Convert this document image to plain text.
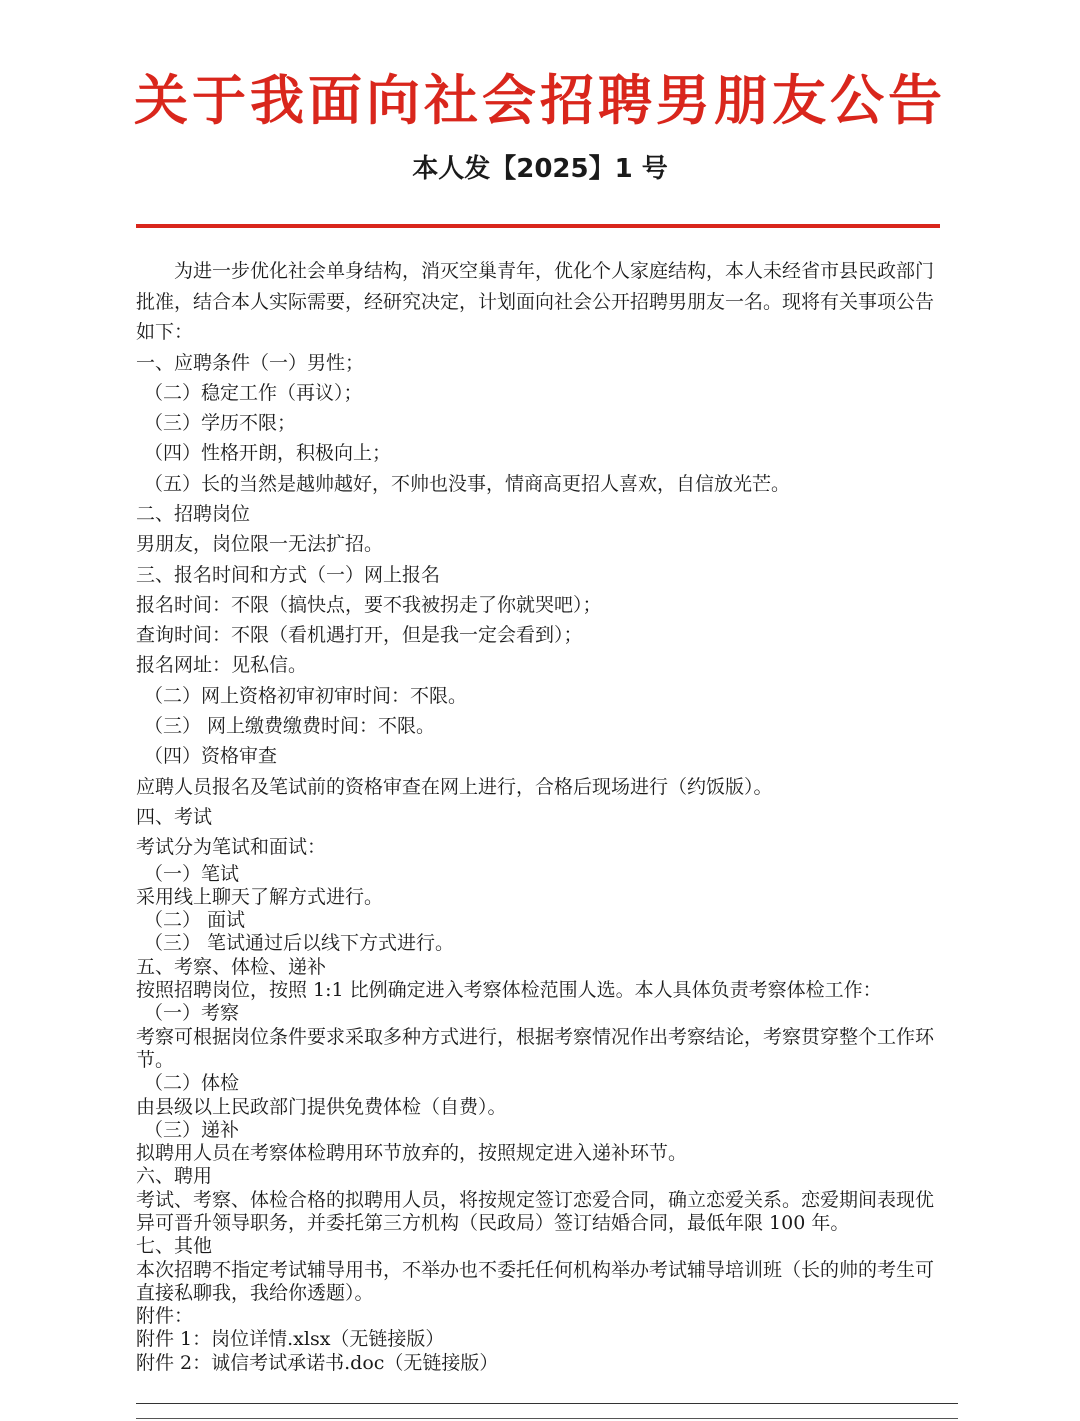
关于我面向社会招聘男朋友公告
本人发【2025】1 号

为进一步优化社会单身结构，消灭空巢青年，优化个人家庭结构，本人未经省市县民政部门批准，结合本人实际需要，经研究决定，计划面向社会公开招聘男朋友一名。现将有关事项公告如下：

一、应聘条件（一）男性；

（二）稳定工作（再议）；

（三）学历不限；

（四）性格开朗，积极向上；

（五）长的当然是越帅越好，不帅也没事，情商高更招人喜欢，自信放光芒。

二、招聘岗位

男朋友，岗位限一无法扩招。

三、报名时间和方式（一）网上报名

报名时间：不限（搞快点，要不我被拐走了你就哭吧）；

查询时间：不限（看机遇打开，但是我一定会看到）；

报名网址：见私信。

（二）网上资格初审初审时间：不限。

（三） 网上缴费缴费时间：不限。

（四）资格审查

应聘人员报名及笔试前的资格审查在网上进行，合格后现场进行（约饭版）。

四、考试

考试分为笔试和面试：

（一）笔试

采用线上聊天了解方式进行。

（二） 面试

（三） 笔试通过后以线下方式进行。

五、考察、体检、递补

按照招聘岗位，按照 1:1 比例确定进入考察体检范围人选。本人具体负责考察体检工作：

（一）考察

考察可根据岗位条件要求采取多种方式进行，根据考察情况作出考察结论，考察贯穿整个工作环节。

（二）体检

由县级以上民政部门提供免费体检（自费）。

（三）递补

拟聘用人员在考察体检聘用环节放弃的，按照规定进入递补环节。

六、聘用

考试、考察、体检合格的拟聘用人员，将按规定签订恋爱合同，确立恋爱关系。恋爱期间表现优异可晋升领导职务，并委托第三方机构（民政局）签订结婚合同，最低年限 100 年。

七、其他

本次招聘不指定考试辅导用书，不举办也不委托任何机构举办考试辅导培训班（长的帅的考生可直接私聊我，我给你透题）。

附件：

附件 1：岗位详情.xlsx（无链接版）

附件 2：诚信考试承诺书.doc（无链接版）
